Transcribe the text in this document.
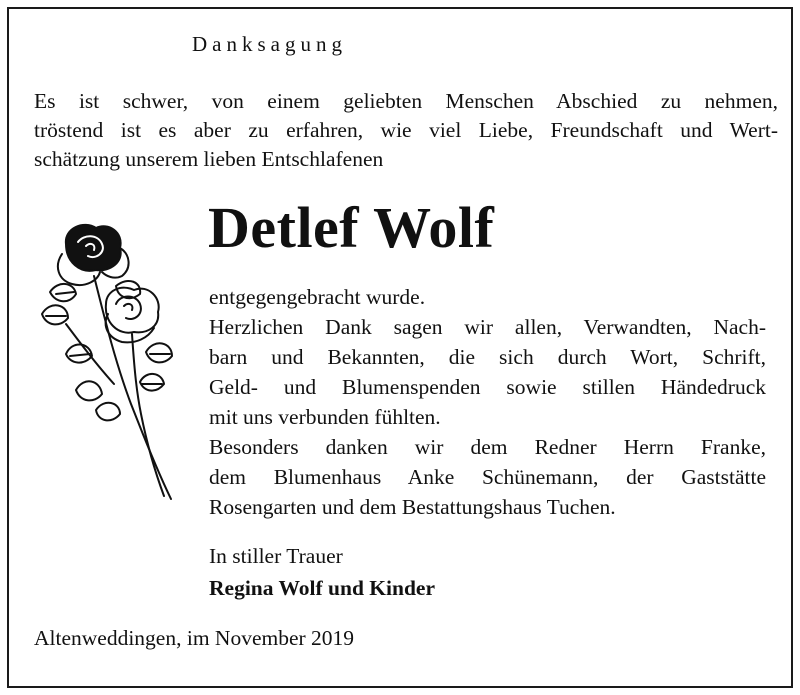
Danksagung
Es ist schwer, von einem geliebten Menschen Abschied zu nehmen,
tröstend ist es aber zu erfahren, wie viel Liebe, Freundschaft und Wert-
schätzung unserem lieben Entschlafenen
Detlef Wolf
entgegengebracht wurde.
Herzlichen Dank sagen wir allen, Verwandten, Nach-
barn und Bekannten, die sich durch Wort, Schrift,
Geld- und Blumenspenden sowie stillen Händedruck
mit uns verbunden fühlten.
Besonders danken wir dem Redner Herrn Franke,
dem Blumenhaus Anke Schünemann, der Gaststätte
Rosengarten und dem Bestattungshaus Tuchen.
In stiller Trauer
Regina Wolf und Kinder
Altenweddingen, im November 2019
